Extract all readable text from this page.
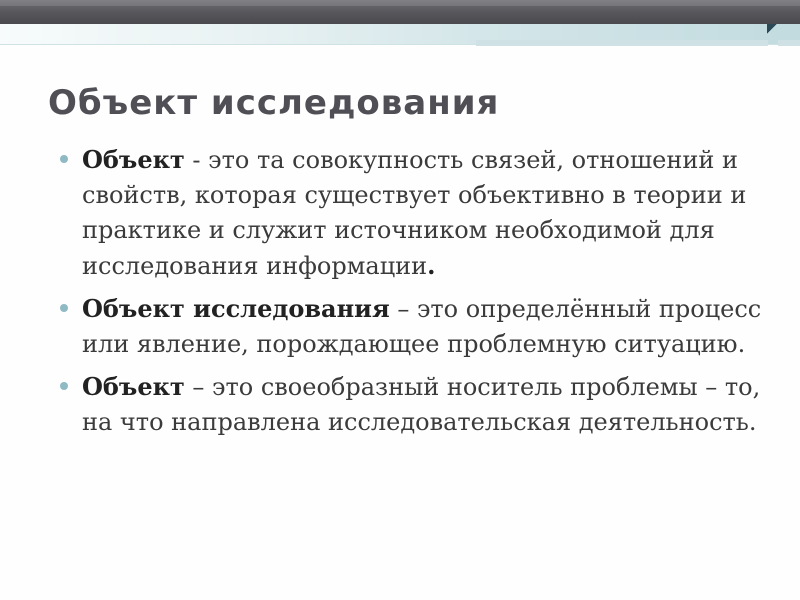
Объект исследования

Объект - это та совокупность связей, отношений и свойств, которая существует объективно в теории и практике и служит источником необходимой для исследования информации.

Объект исследования – это определённый процесс или явление, порождающее проблемную ситуацию.

Объект – это своеобразный носитель проблемы – то, на что направлена исследовательская деятельность.
